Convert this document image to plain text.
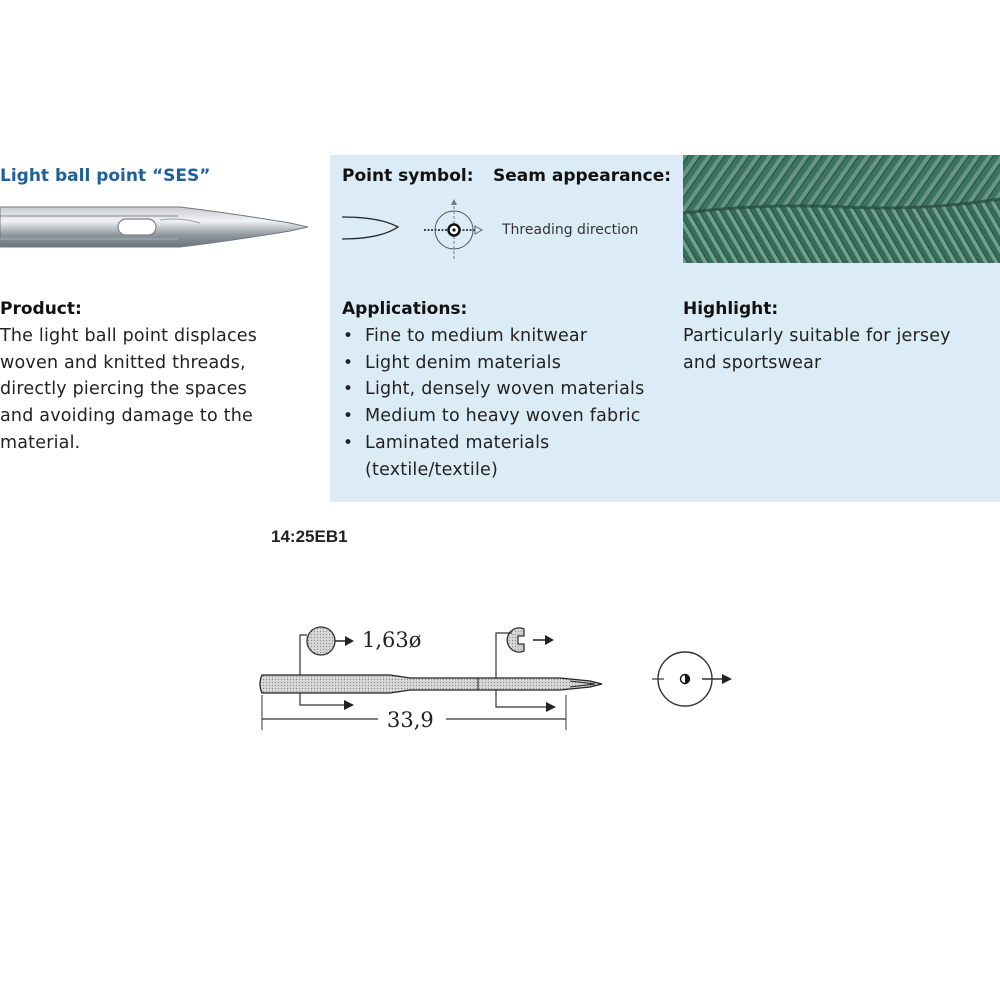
Light ball point “SES”	Point symbol: Seam appearance:
Threading direction
Product:
The light ball point displaces
woven and knitted threads,
directly piercing the spaces
and avoiding damage to the
material.
Applications:
• Fine to medium knitwear
• Light denim materials
• Light, densely woven materials
• Medium to heavy woven fabric
• Laminated materials (textile/textile)
Highlight:
Particularly suitable for jersey
and sportswear
14:25EB1
1,63ø
33,9
